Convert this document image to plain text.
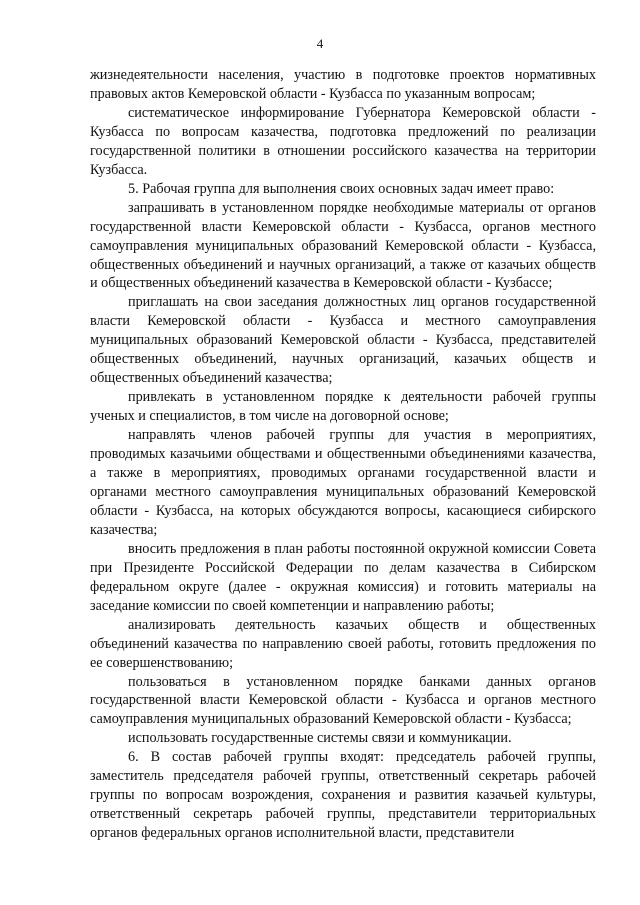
4

жизнедеятельности населения, участию в подготовке проектов нормативных правовых актов Кемеровской области - Кузбасса по указанным вопросам;

систематическое информирование Губернатора Кемеровской области - Кузбасса по вопросам казачества, подготовка предложений по реализации государственной политики в отношении российского казачества на территории Кузбасса.

5. Рабочая группа для выполнения своих основных задач имеет право:

запрашивать в установленном порядке необходимые материалы от органов государственной власти Кемеровской области - Кузбасса, органов местного самоуправления муниципальных образований Кемеровской области - Кузбасса, общественных объединений и научных организаций, а также от казачьих обществ и общественных объединений казачества в Кемеровской области - Кузбассе;

приглашать на свои заседания должностных лиц органов государственной власти Кемеровской области - Кузбасса и местного самоуправления муниципальных образований Кемеровской области - Кузбасса, представителей общественных объединений, научных организаций, казачьих обществ и общественных объединений казачества;

привлекать в установленном порядке к деятельности рабочей группы ученых и специалистов, в том числе на договорной основе;

направлять членов рабочей группы для участия в мероприятиях, проводимых казачьими обществами и общественными объединениями казачества, а также в мероприятиях, проводимых органами государственной власти и органами местного самоуправления муниципальных образований Кемеровской области - Кузбасса, на которых обсуждаются вопросы, касающиеся сибирского казачества;

вносить предложения в план работы постоянной окружной комиссии Совета при Президенте Российской Федерации по делам казачества в Сибирском федеральном округе (далее - окружная комиссия) и готовить материалы на заседание комиссии по своей компетенции и направлению работы;

анализировать деятельность казачьих обществ и общественных объединений казачества по направлению своей работы, готовить предложения по ее совершенствованию;

пользоваться в установленном порядке банками данных органов государственной власти Кемеровской области - Кузбасса и органов местного самоуправления муниципальных образований Кемеровской области - Кузбасса;

использовать государственные системы связи и коммуникации.

6. В состав рабочей группы входят: председатель рабочей группы, заместитель председателя рабочей группы, ответственный секретарь рабочей группы по вопросам возрождения, сохранения и развития казачьей культуры, ответственный секретарь рабочей группы, представители территориальных органов федеральных органов исполнительной власти, представители
